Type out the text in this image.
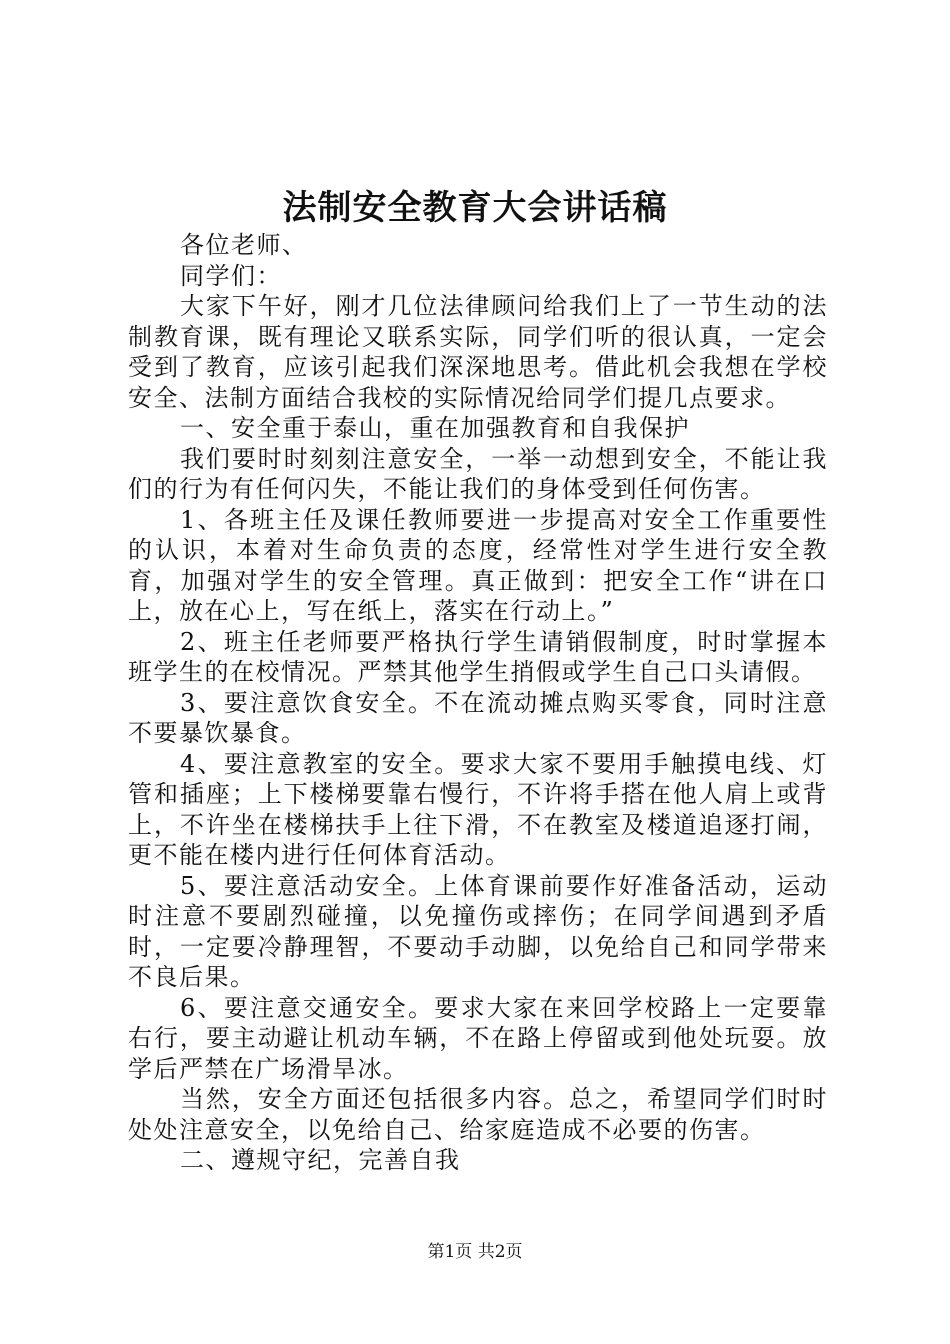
法制安全教育大会讲话稿

各位老师、

同学们：

大家下午好，刚才几位法律顾问给我们上了一节生动的法制教育课，既有理论又联系实际，同学们听的很认真，一定会受到了教育，应该引起我们深深地思考。借此机会我想在学校安全、法制方面结合我校的实际情况给同学们提几点要求。

一、安全重于泰山，重在加强教育和自我保护

我们要时时刻刻注意安全，一举一动想到安全，不能让我们的行为有任何闪失，不能让我们的身体受到任何伤害。

1、各班主任及课任教师要进一步提高对安全工作重要性的认识，本着对生命负责的态度，经常性对学生进行安全教育，加强对学生的安全管理。真正做到：把安全工作“讲在口上，放在心上，写在纸上，落实在行动上。”

2、班主任老师要严格执行学生请销假制度，时时掌握本班学生的在校情况。严禁其他学生捎假或学生自己口头请假。

3、要注意饮食安全。不在流动摊点购买零食，同时注意不要暴饮暴食。

4、要注意教室的安全。要求大家不要用手触摸电线、灯管和插座；上下楼梯要靠右慢行，不许将手搭在他人肩上或背上，不许坐在楼梯扶手上往下滑，不在教室及楼道追逐打闹，更不能在楼内进行任何体育活动。

5、要注意活动安全。上体育课前要作好准备活动，运动时注意不要剧烈碰撞，以免撞伤或摔伤；在同学间遇到矛盾时，一定要冷静理智，不要动手动脚，以免给自己和同学带来不良后果。

6、要注意交通安全。要求大家在来回学校路上一定要靠右行，要主动避让机动车辆，不在路上停留或到他处玩耍。放学后严禁在广场滑旱冰。

当然，安全方面还包括很多内容。总之，希望同学们时时处处注意安全，以免给自己、给家庭造成不必要的伤害。

二、遵规守纪，完善自我

第1页 共2页
